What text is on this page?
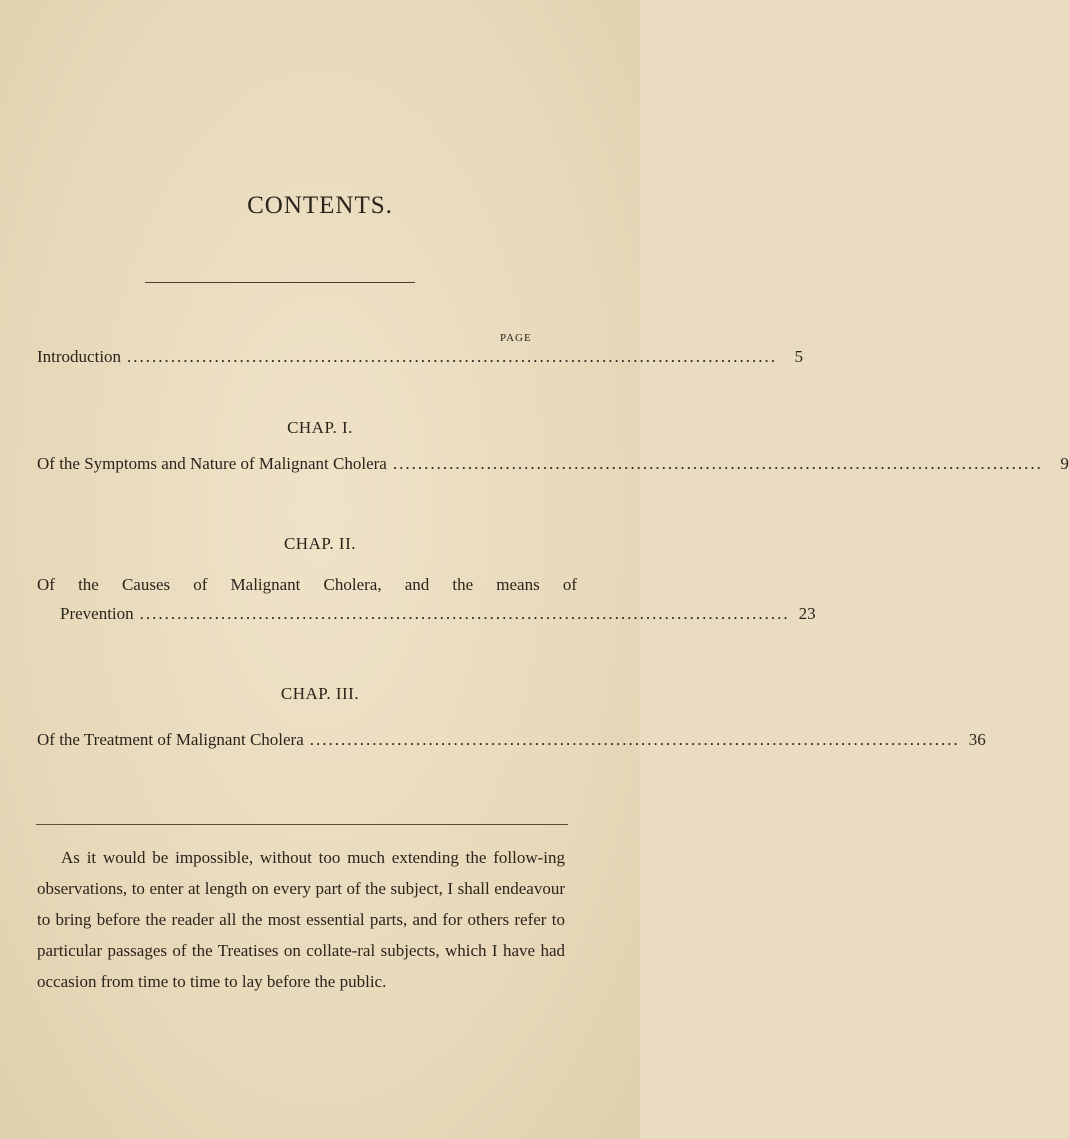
CONTENTS.
PAGE
Introduction ........................................................................................................	5
CHAP. I.
Of the Symptoms and Nature of Malignant Cholera ........................................................................................................	9
CHAP. II.
Of the Causes of Malignant Cholera, and the means of
Prevention ........................................................................................................ 23
CHAP. III.
Of the Treatment of Malignant Cholera ........................................................................................................ 36
As it would be impossible, without too much extending the follow-ing observations, to enter at length on every part of the subject, I shall endeavour to bring before the reader all the most essential parts, and for others refer to particular passages of the Treatises on collate-ral subjects, which I have had occasion from time to time to lay before the public.
